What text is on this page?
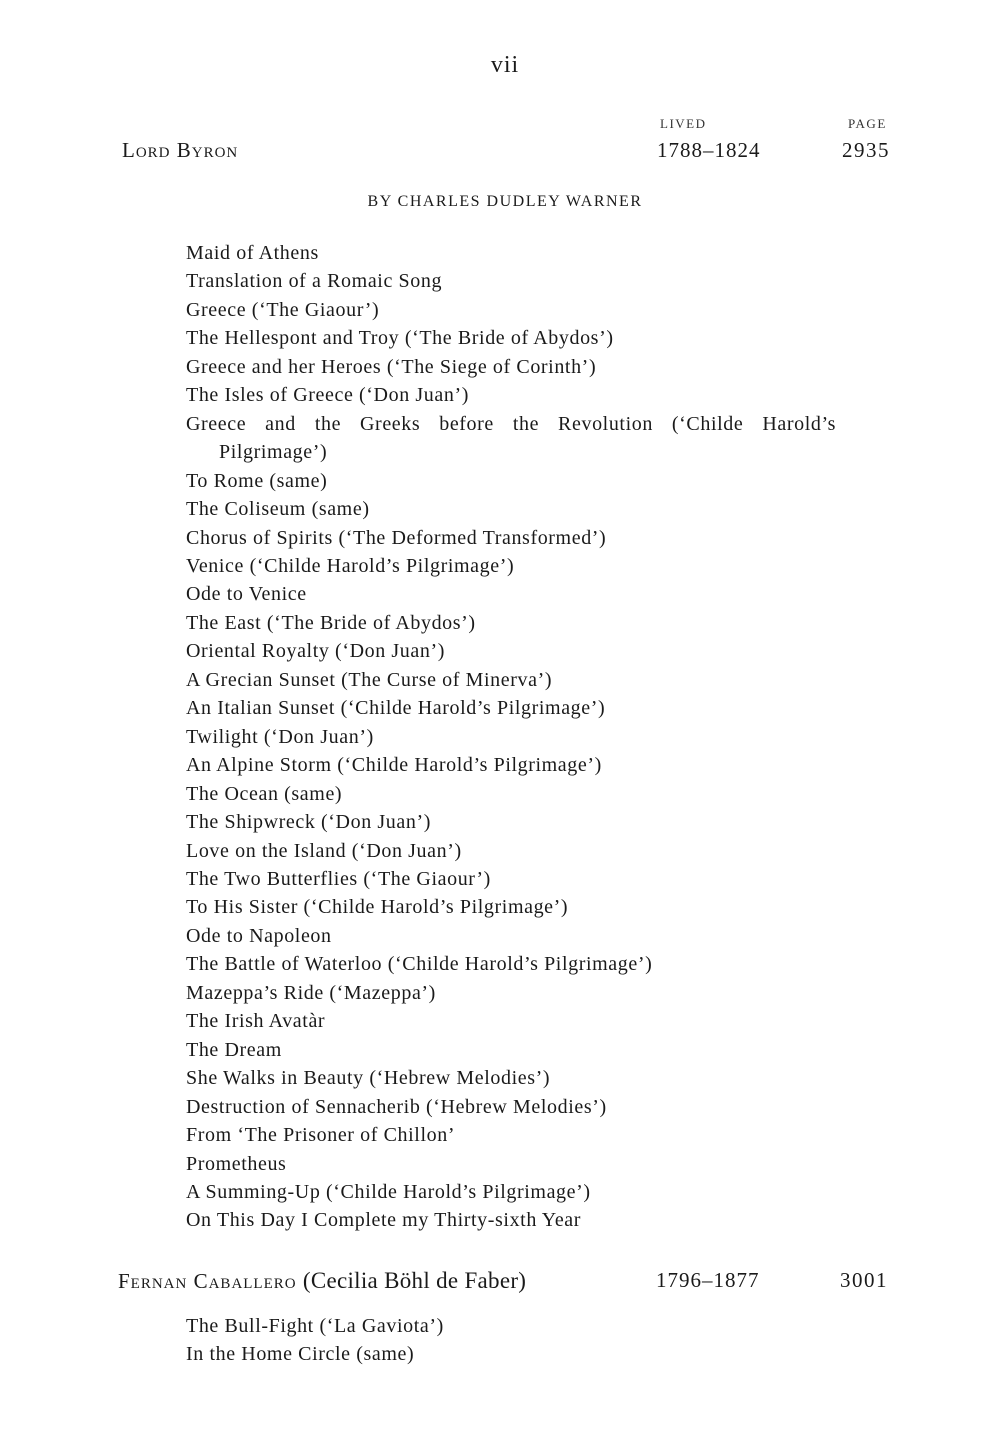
vii
LIVED	PAGE
Lord Byron	1788–1824	2935
BY CHARLES DUDLEY WARNER
Maid of Athens
Translation of a Romaic Song
Greece (‘The Giaour’)
The Hellespont and Troy (‘The Bride of Abydos’)
Greece and her Heroes (‘The Siege of Corinth’)
The Isles of Greece (‘Don Juan’)
Greece and the Greeks before the Revolution (‘Childe Harold’s Pilgrimage’)
To Rome (same)
The Coliseum (same)
Chorus of Spirits (‘The Deformed Transformed’)
Venice (‘Childe Harold’s Pilgrimage’)
Ode to Venice
The East (‘The Bride of Abydos’)
Oriental Royalty (‘Don Juan’)
A Grecian Sunset (The Curse of Minerva’)
An Italian Sunset (‘Childe Harold’s Pilgrimage’)
Twilight (‘Don Juan’)
An Alpine Storm (‘Childe Harold’s Pilgrimage’)
The Ocean (same)
The Shipwreck (‘Don Juan’)
Love on the Island (‘Don Juan’)
The Two Butterflies (‘The Giaour’)
To His Sister (‘Childe Harold’s Pilgrimage’)
Ode to Napoleon
The Battle of Waterloo (‘Childe Harold’s Pilgrimage’)
Mazeppa’s Ride (‘Mazeppa’)
The Irish Avatàr
The Dream
She Walks in Beauty (‘Hebrew Melodies’)
Destruction of Sennacherib (‘Hebrew Melodies’)
From ‘The Prisoner of Chillon’
Prometheus
A Summing-Up (‘Childe Harold’s Pilgrimage’)
On This Day I Complete my Thirty-sixth Year
Fernan Caballero (Cecilia Böhl de Faber)	1796–1877	3001
The Bull-Fight (‘La Gaviota’)
In the Home Circle (same)
